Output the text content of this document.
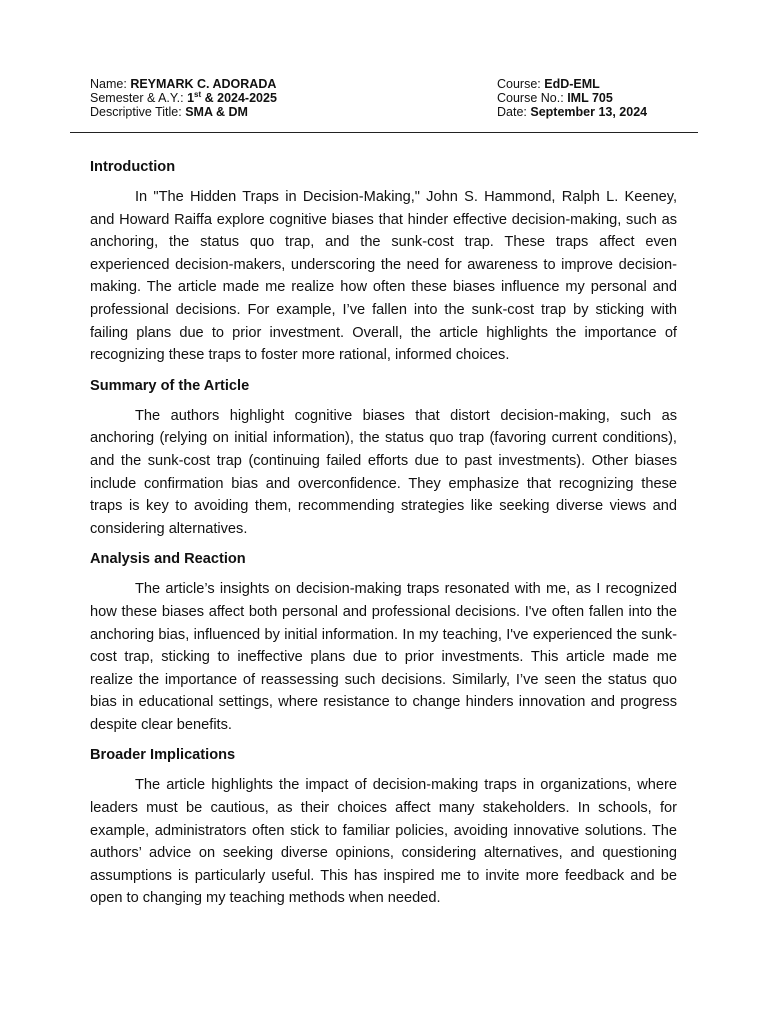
Name: REYMARK C. ADORADA	Course: EdD-EML
Semester & A.Y.: 1st & 2024-2025	Course No.: IML 705
Descriptive Title: SMA & DM	Date: September 13, 2024
Introduction

In "The Hidden Traps in Decision-Making," John S. Hammond, Ralph L. Keeney, and Howard Raiffa explore cognitive biases that hinder effective decision-making, such as anchoring, the status quo trap, and the sunk-cost trap. These traps affect even experienced decision-makers, underscoring the need for awareness to improve decision-making. The article made me realize how often these biases influence my personal and professional decisions. For example, I’ve fallen into the sunk-cost trap by sticking with failing plans due to prior investment. Overall, the article highlights the importance of recognizing these traps to foster more rational, informed choices.

Summary of the Article

The authors highlight cognitive biases that distort decision-making, such as anchoring (relying on initial information), the status quo trap (favoring current conditions), and the sunk-cost trap (continuing failed efforts due to past investments). Other biases include confirmation bias and overconfidence. They emphasize that recognizing these traps is key to avoiding them, recommending strategies like seeking diverse views and considering alternatives.

Analysis and Reaction

The article’s insights on decision-making traps resonated with me, as I recognized how these biases affect both personal and professional decisions. I've often fallen into the anchoring bias, influenced by initial information. In my teaching, I've experienced the sunk-cost trap, sticking to ineffective plans due to prior investments. This article made me realize the importance of reassessing such decisions. Similarly, I’ve seen the status quo bias in educational settings, where resistance to change hinders innovation and progress despite clear benefits.

Broader Implications

The article highlights the impact of decision-making traps in organizations, where leaders must be cautious, as their choices affect many stakeholders. In schools, for example, administrators often stick to familiar policies, avoiding innovative solutions. The authors’ advice on seeking diverse opinions, considering alternatives, and questioning assumptions is particularly useful. This has inspired me to invite more feedback and be open to changing my teaching methods when needed.
